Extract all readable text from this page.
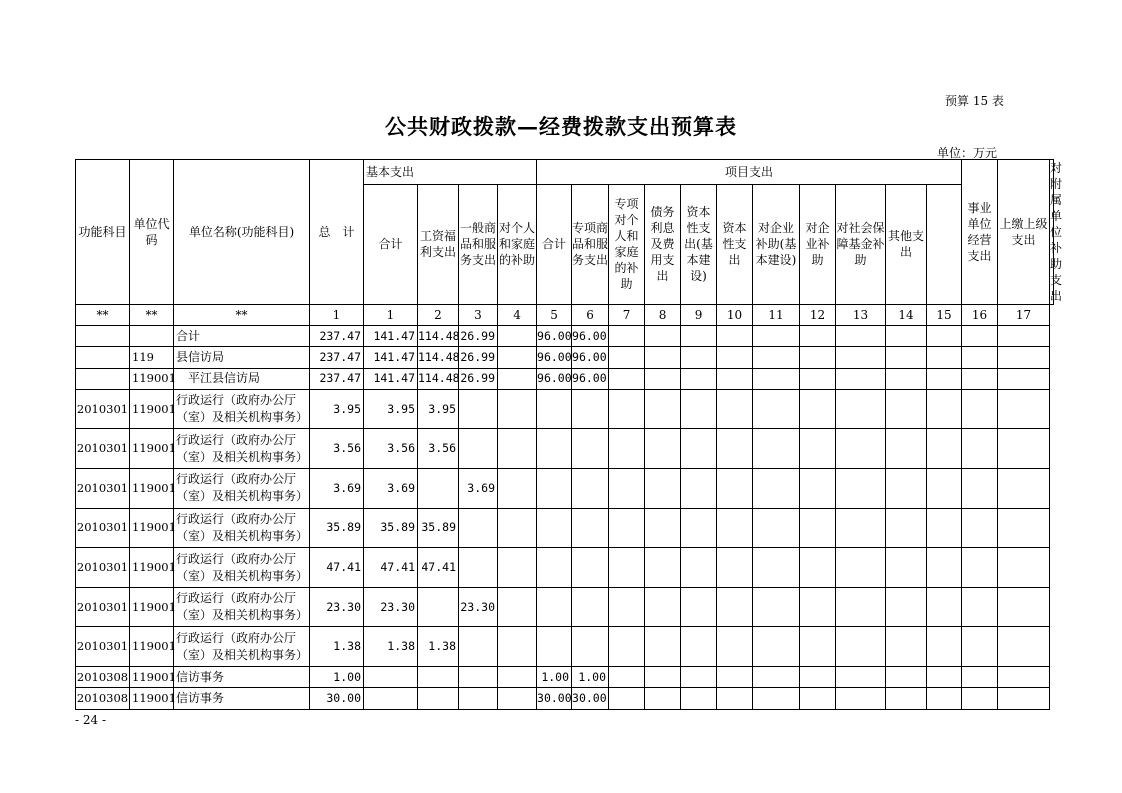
预算 15 表
公共财政拨款—经费拨款支出预算表
单位：万元
功能科目	单位代码	单位名称(功能科目)	总　计	基本支出				项目支出											事业单位经营支出	上缴上级支出	对附属单位补助支出
				合计	工资福利支出	一般商品和服务支出	对个人和家庭的补助	合计	专项商品和服务支出	专项对个人和家庭的补助	债务利息及费用支出	资本性支出(基本建设)	资本性支出	对企业补助(基本建设)	对企业补助	对社会保障基金补助	其他支出				
**	**	**	1	1	2	3	4	5	6	7	8	9	10	11	12	13	14	15	16	17	

		合计	237.47	141.47	114.48	26.99		96.00	96.00												
	119	县信访局	237.47	141.47	114.48	26.99		96.00	96.00												
	119001	　平江县信访局	237.47	141.47	114.48	26.99		96.00	96.00												
2010301	119001	行政运行（政府办公厅
（室）及相关机构事务）	3.95	3.95	3.95																
2010301	119001	行政运行（政府办公厅
（室）及相关机构事务）	3.56	3.56	3.56																
2010301	119001	行政运行（政府办公厅
（室）及相关机构事务）	3.69	3.69		3.69															
2010301	119001	行政运行（政府办公厅
（室）及相关机构事务）	35.89	35.89	35.89																
2010301	119001	行政运行（政府办公厅
（室）及相关机构事务）	47.41	47.41	47.41																
2010301	119001	行政运行（政府办公厅
（室）及相关机构事务）	23.30	23.30		23.30															
2010301	119001	行政运行（政府办公厅
（室）及相关机构事务）	1.38	1.38	1.38																
2010308	119001	信访事务	1.00					1.00	1.00												
2010308	119001	信访事务	30.00					30.00	30.00												
- 24 -
